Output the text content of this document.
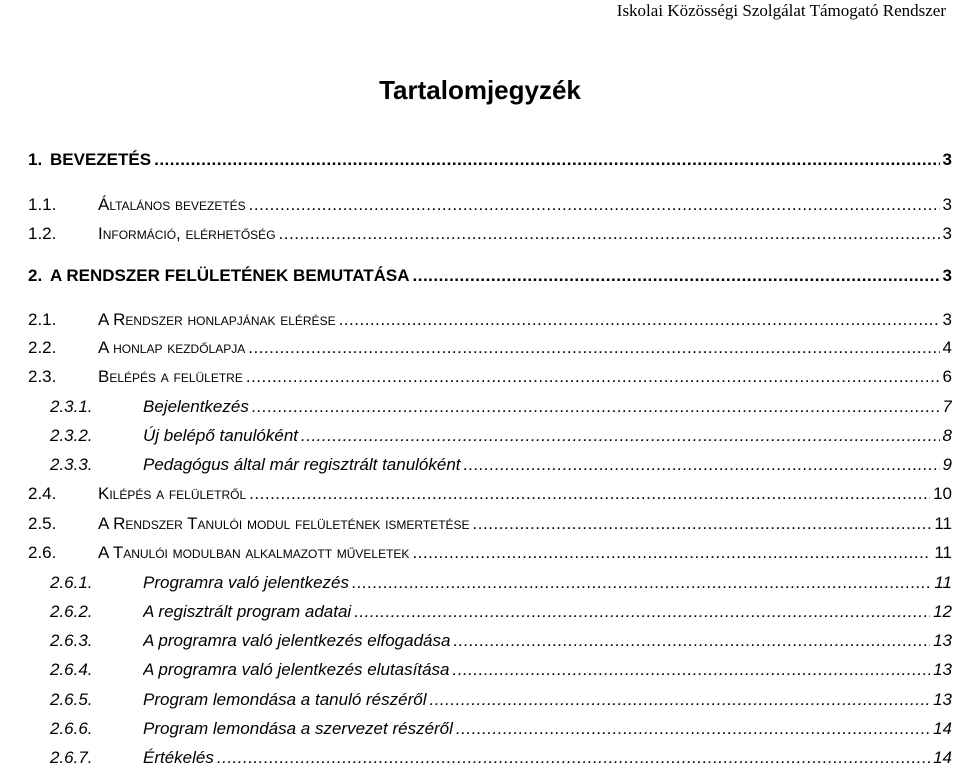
Iskolai Közösségi Szolgálat Támogató Rendszer
Tartalomjegyzék
1. BEVEZETÉS .....	3
1.1. Általános bevezetés .....	3
1.2. Információ, elérhetőség .....	3
2. A RENDSZER FELÜLETÉNEK BEMUTATÁSA .....	3
2.1. A Rendszer honlapjának elérése .....	3
2.2. A honlap kezdőlapja .....	4
2.3. Belépés a felületre .....	6
2.3.1.	Bejelentkezés .....	7
2.3.2.	Új belépő tanulóként .....	8
2.3.3.	Pedagógus által már regisztrált tanulóként .....	9
2.4. Kilépés a felületről .....	10
2.5. A Rendszer Tanulói modul felületének ismertetése .....	11
2.6. A Tanulói modulban alkalmazott műveletek .....	11
2.6.1.	Programra való jelentkezés .....	11
2.6.2.	A regisztrált program adatai .....	12
2.6.3.	A programra való jelentkezés elfogadása .....	13
2.6.4.	A programra való jelentkezés elutasítása .....	13
2.6.5.	Program lemondása a tanuló részéről .....	13
2.6.6.	Program lemondása a szervezet részéről .....	14
2.6.7.	Értékelés .....	14
